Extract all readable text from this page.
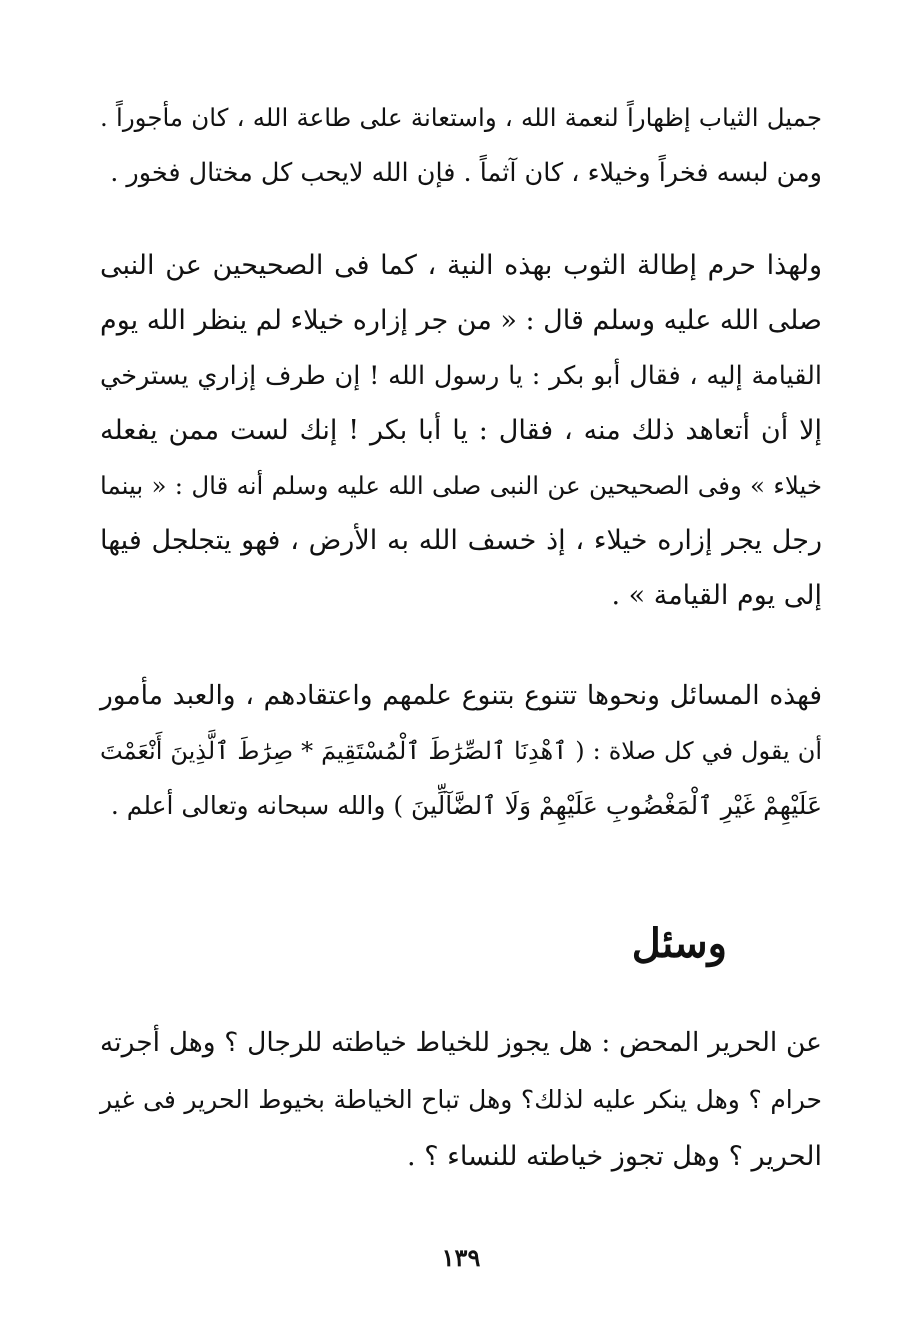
جميل الثياب إظهاراً لنعمة الله ، واستعانة على طاعة الله ، كان مأجوراً .
ومن لبسه فخراً وخيلاء ، كان آثماً . فإن الله لايحب كل مختال فخور .
ولهذا حرم إطالة الثوب بهذه النية ، كما فى الصحيحين عن النبى
صلى الله عليه وسلم قال : « من جر إزاره خيلاء لم ينظر الله يوم
القيامة إليه ، فقال أبو بكر : يا رسول الله ! إن طرف إزاري يسترخي
إلا أن أتعاهد ذلك منه ، فقال : يا أبا بكر ! إنك لست ممن يفعله
خيلاء » وفى الصحيحين عن النبى صلى الله عليه وسلم أنه قال : « بينما
رجل يجر إزاره خيلاء ، إذ خسف الله به الأرض ، فهو يتجلجل فيها
إلى يوم القيامة » .
فهذه المسائل ونحوها تتنوع بتنوع علمهم واعتقادهم ، والعبد مأمور
أن يقول في كل صلاة : ( ٱهْدِنَا ٱلصِّرَٰطَ ٱلْمُسْتَقِيمَ * صِرَٰطَ ٱلَّذِينَ أَنْعَمْتَ
عَلَيْهِمْ غَيْرِ ٱلْمَغْضُوبِ عَلَيْهِمْ وَلَا ٱلضَّآلِّينَ ) والله سبحانه وتعالى أعلم .
وسئل
عن الحرير المحض : هل يجوز للخياط خياطته للرجال ؟ وهل أجرته
حرام ؟ وهل ينكر عليه لذلك؟ وهل تباح الخياطة بخيوط الحرير فى غير
الحرير ؟ وهل تجوز خياطته للنساء ؟ .
١٣٩
